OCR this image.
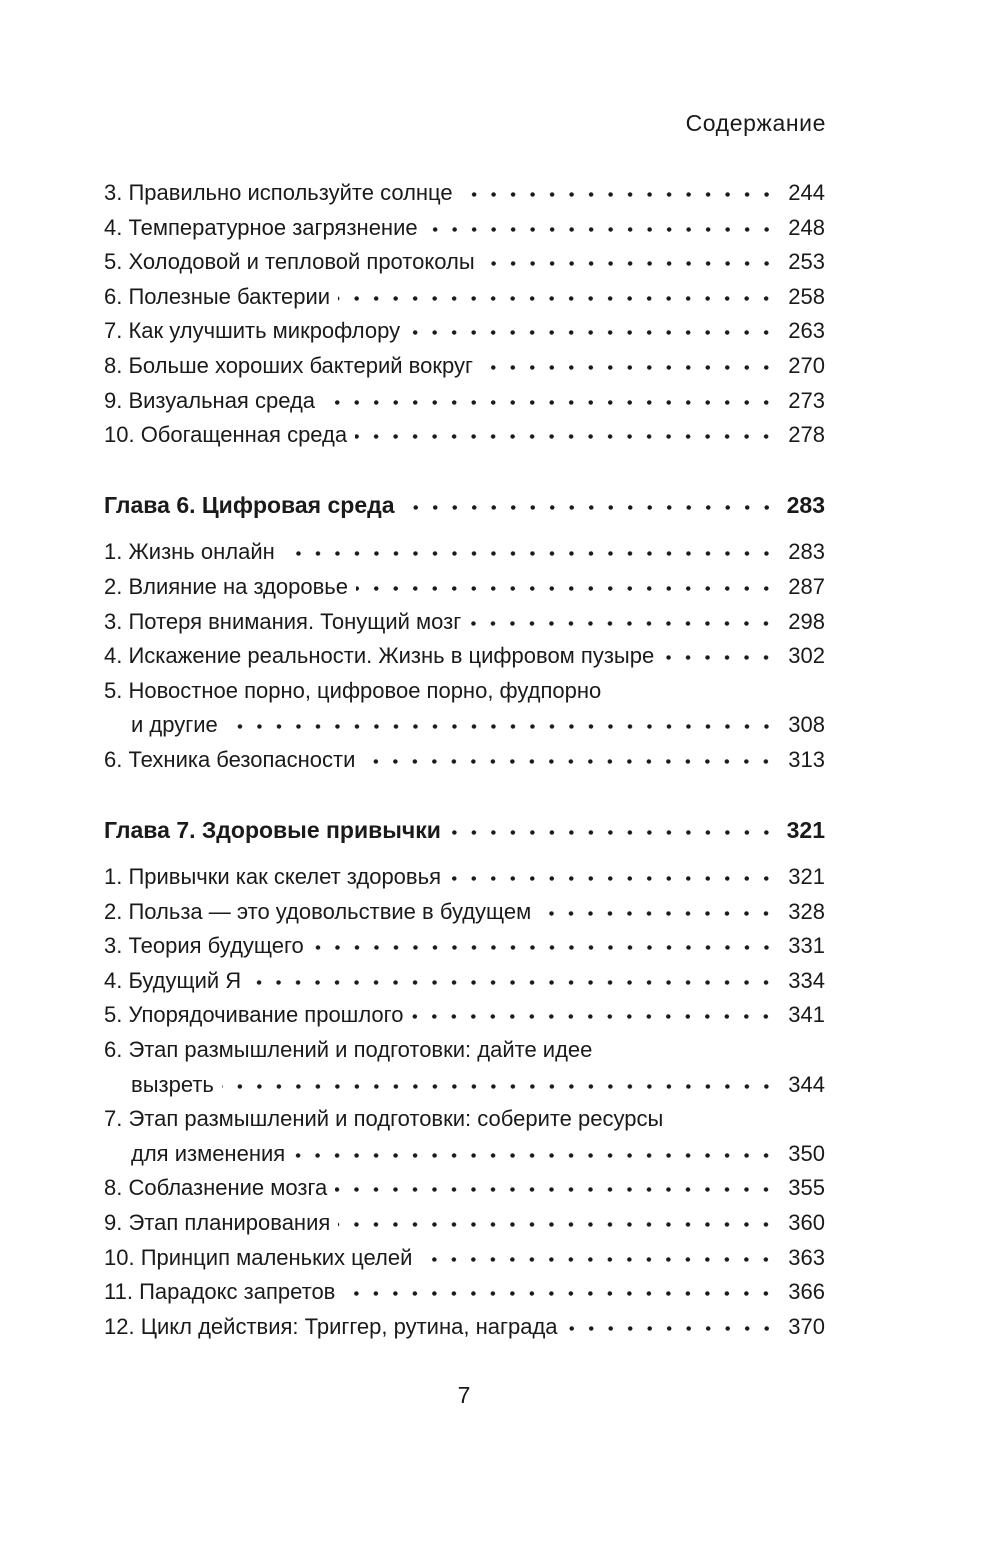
Содержание
3. Правильно используйте солнце	244
4. Температурное загрязнение	248
5. Холодовой и тепловой протоколы	253
6. Полезные бактерии	258
7. Как улучшить микрофлору	263
8. Больше хороших бактерий вокруг	270
9. Визуальная среда	273
10. Обогащенная среда	278
Глава 6. Цифровая среда	283
1. Жизнь онлайн	283
2. Влияние на здоровье	287
3. Потеря внимания. Тонущий мозг	298
4. Искажение реальности. Жизнь в цифровом пузыре	302
5. Новостное порно, цифровое порно, фудпорно
и другие	308
6. Техника безопасности	313
Глава 7. Здоровые привычки	321
1. Привычки как скелет здоровья	321
2. Польза — это удовольствие в будущем	328
3. Теория будущего	331
4. Будущий Я	334
5. Упорядочивание прошлого	341
6. Этап размышлений и подготовки: дайте идее
вызреть	344
7. Этап размышлений и подготовки: соберите ресурсы
для изменения	350
8. Соблазнение мозга	355
9. Этап планирования	360
10. Принцип маленьких целей	363
11. Парадокс запретов	366
12. Цикл действия: Триггер, рутина, награда	370
7
